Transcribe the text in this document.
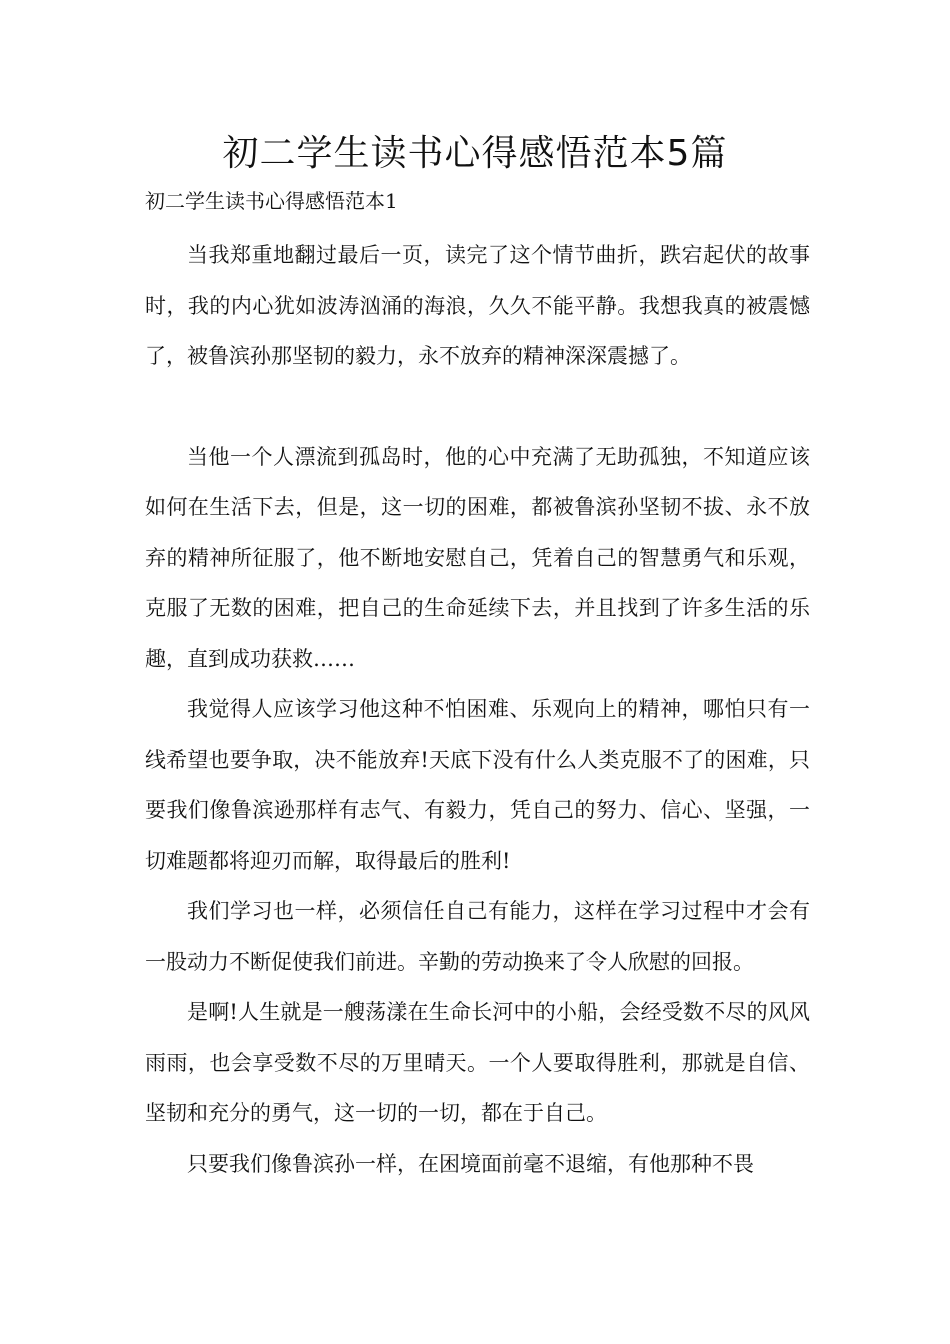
初二学生读书心得感悟范本5篇

初二学生读书心得感悟范本1

当我郑重地翻过最后一页，读完了这个情节曲折，跌宕起伏的故事时，我的内心犹如波涛汹涌的海浪，久久不能平静。我想我真的被震憾了，被鲁滨孙那坚韧的毅力，永不放弃的精神深深震撼了。

当他一个人漂流到孤岛时，他的心中充满了无助孤独，不知道应该如何在生活下去，但是，这一切的困难，都被鲁滨孙坚韧不拔、永不放弃的精神所征服了，他不断地安慰自己，凭着自己的智慧勇气和乐观，克服了无数的困难，把自己的生命延续下去，并且找到了许多生活的乐趣，直到成功获救……

我觉得人应该学习他这种不怕困难、乐观向上的精神，哪怕只有一线希望也要争取，决不能放弃!天底下没有什么人类克服不了的困难，只要我们像鲁滨逊那样有志气、有毅力，凭自己的努力、信心、坚强，一切难题都将迎刃而解，取得最后的胜利!

我们学习也一样，必须信任自己有能力，这样在学习过程中才会有一股动力不断促使我们前进。辛勤的劳动换来了令人欣慰的回报。

是啊!人生就是一艘荡漾在生命长河中的小船，会经受数不尽的风风雨雨，也会享受数不尽的万里晴天。一个人要取得胜利，那就是自信、坚韧和充分的勇气，这一切的一切，都在于自己。

只要我们像鲁滨孙一样，在困境面前毫不退缩，有他那种不畏
